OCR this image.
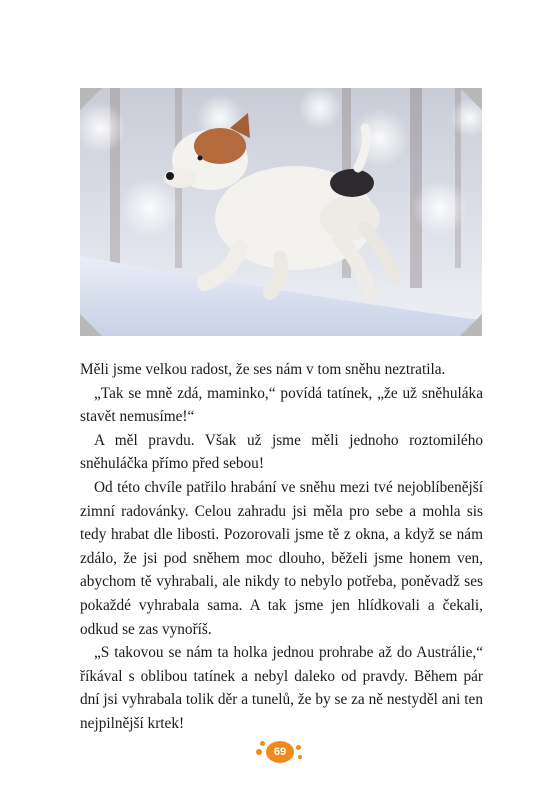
Měli jsme velkou radost, že ses nám v tom sněhu neztratila.

„Tak se mně zdá, maminko,“ povídá tatínek, „že už sněhuláka stavět nemusíme!“

A měl pravdu. Však už jsme měli jednoho roztomilého sněhuláčka přímo před sebou!

Od této chvíle patřilo hrabání ve sněhu mezi tvé nejoblíbenější zimní radovánky. Celou zahradu jsi měla pro sebe a mohla sis tedy hrabat dle libosti. Pozorovali jsme tě z okna, a když se nám zdálo, že jsi pod sněhem moc dlouho, běželi jsme honem ven, abychom tě vyhrabali, ale nikdy to nebylo potřeba, poněvadž ses pokaždé vyhrabala sama. A tak jsme jen hlídkovali a čekali, odkud se zas vynoříš.

„S takovou se nám ta holka jednou prohrabe až do Austrálie,“ říkával s oblibou tatínek a nebyl daleko od pravdy. Během pár dní jsi vyhrabala tolik děr a tunelů, že by se za ně nestyděl ani ten nejpilnější krtek!

69
